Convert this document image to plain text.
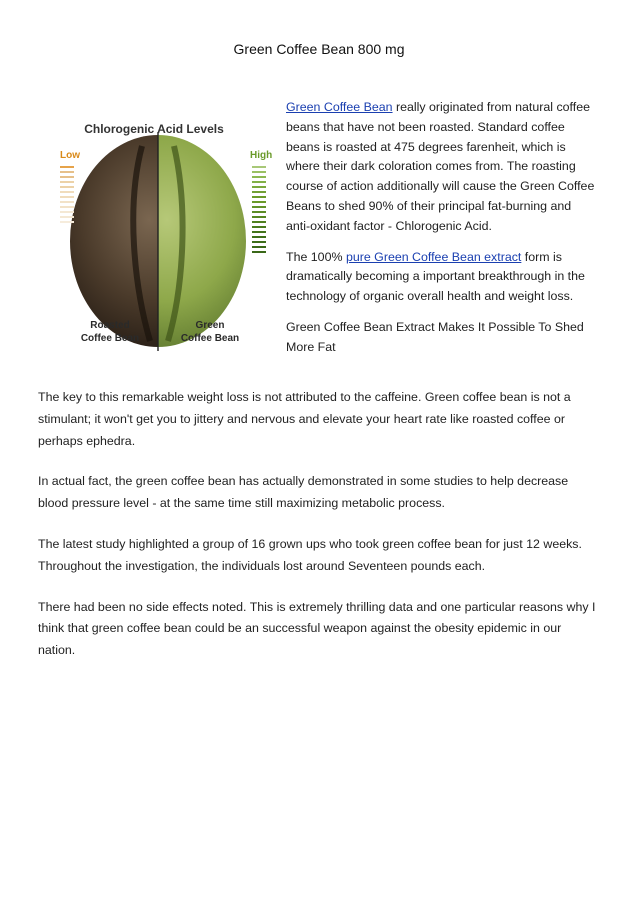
Green Coffee Bean 800 mg
Chlorogenic Acid Levels
Low	High
Roasted
Coffee Bean
Green
Coffee Bean

Green Coffee Bean really originated from natural coffee beans that have not been roasted. Standard coffee beans is roasted at 475 degrees farenheit, which is where their dark coloration comes from. The roasting course of action additionally will cause the Green Coffee Beans to shed 90% of their principal fat-burning and anti-oxidant factor - Chlorogenic Acid.

The 100% pure Green Coffee Bean extract form is dramatically becoming a important breakthrough in the technology of organic overall health and weight loss.

Green Coffee Bean Extract Makes It Possible To Shed More Fat

The key to this remarkable weight loss is not attributed to the caffeine. Green coffee bean is not a stimulant; it won't get you to jittery and nervous and elevate your heart rate like roasted coffee or perhaps ephedra.

In actual fact, the green coffee bean has actually demonstrated in some studies to help decrease blood pressure level - at the same time still maximizing metabolic process.

The latest study highlighted a group of 16 grown ups who took green coffee bean for just 12 weeks. Throughout the investigation, the individuals lost around Seventeen pounds each.

There had been no side effects noted. This is extremely thrilling data and one particular reasons why I think that green coffee bean could be an successful weapon against the obesity epidemic in our nation.
